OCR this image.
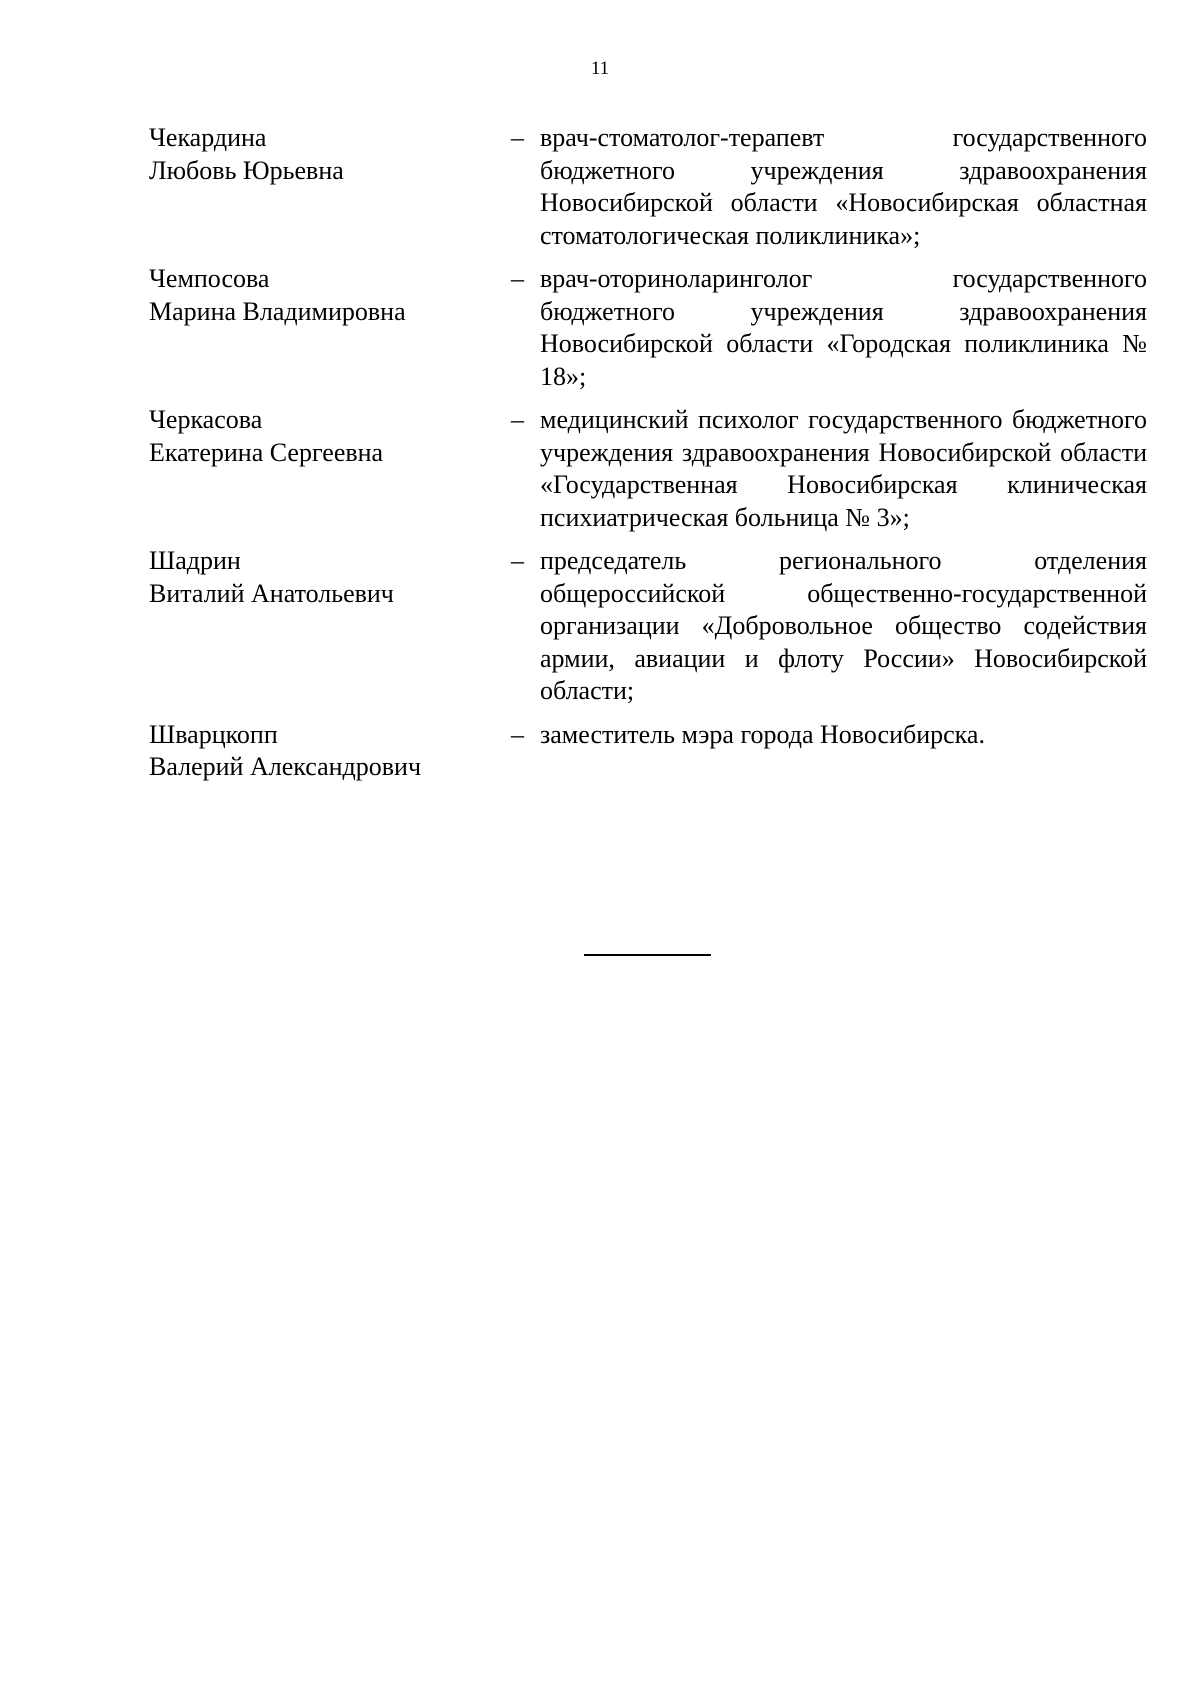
11
Чекардина
Любовь Юрьевна
– врач-стоматолог-терапевт государственного бюджетного учреждения здравоохранения Новосибирской области «Новосибирская областная стоматологическая поликлиника»;
Чемпосова
Марина Владимировна
– врач-оториноларинголог государственного бюджетного учреждения здравоохранения Новосибирской области «Городская поликлиника № 18»;
Черкасова
Екатерина Сергеевна
– медицинский психолог государственного бюджетного учреждения здравоохранения Новосибирской области «Государственная Новосибирская клиническая психиатрическая больница № 3»;
Шадрин
Виталий Анатольевич
– председатель регионального отделения общероссийской общественно-государственной организации «Добровольное общество содействия армии, авиации и флоту России» Новосибирской области;
Шварцкопп
Валерий Александрович
– заместитель мэра города Новосибирска.
